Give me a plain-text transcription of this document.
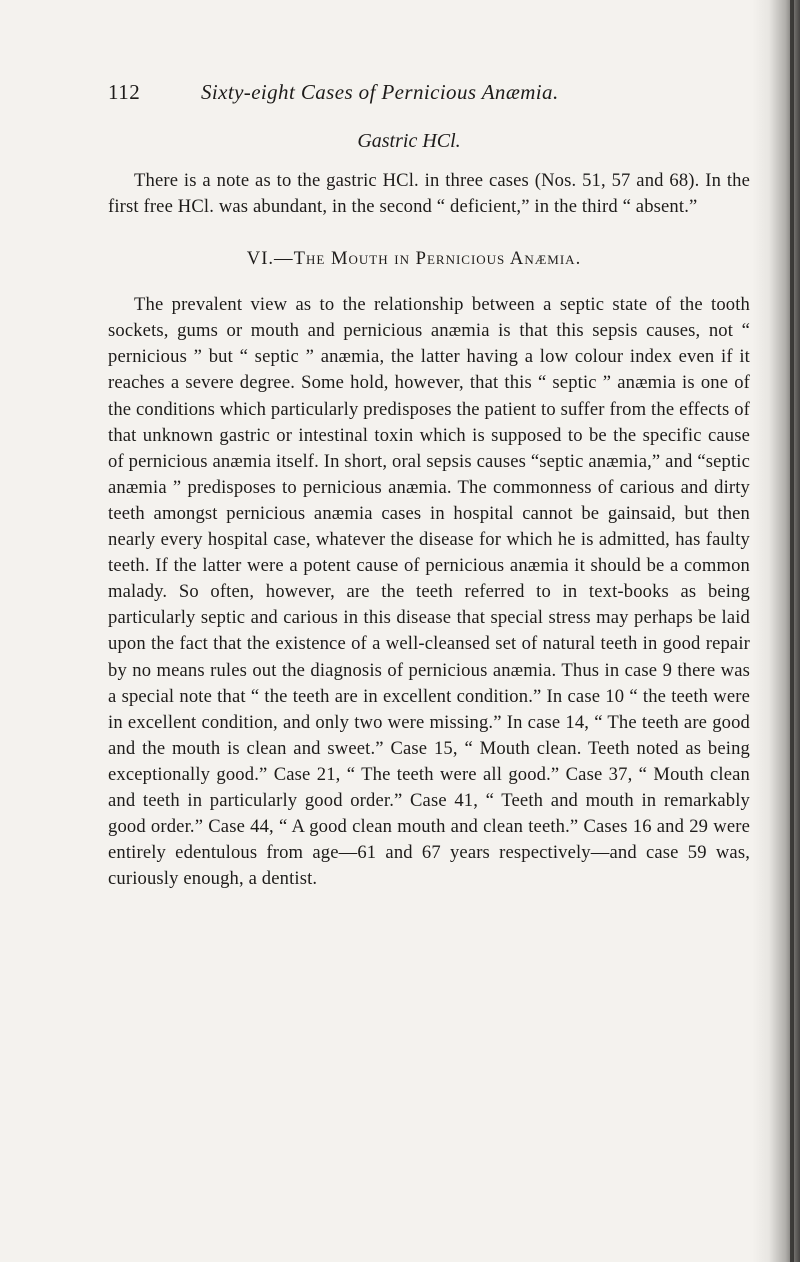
112	Sixty-eight Cases of Pernicious Anæmia.
Gastric HCl.

There is a note as to the gastric HCl. in three cases (Nos. 51, 57 and 68). In the first free HCl. was abundant, in the second “ deficient,” in the third “ absent.”

VI.—The Mouth in Pernicious Anæmia.

The prevalent view as to the relationship between a septic state of the tooth sockets, gums or mouth and pernicious anæmia is that this sepsis causes, not “ pernicious ” but “ septic ” anæmia, the latter having a low colour index even if it reaches a severe degree. Some hold, however, that this “ septic ” anæmia is one of the conditions which particularly predisposes the patient to suffer from the effects of that unknown gastric or intestinal toxin which is supposed to be the specific cause of pernicious anæmia itself. In short, oral sepsis causes “septic anæmia,” and “septic anæmia ” predisposes to pernicious anæmia. The commonness of carious and dirty teeth amongst pernicious anæmia cases in hospital cannot be gainsaid, but then nearly every hospital case, whatever the disease for which he is admitted, has faulty teeth. If the latter were a potent cause of pernicious anæmia it should be a common malady. So often, however, are the teeth referred to in text-books as being particularly septic and carious in this disease that special stress may perhaps be laid upon the fact that the existence of a well-cleansed set of natural teeth in good repair by no means rules out the diagnosis of pernicious anæmia. Thus in case 9 there was a special note that “ the teeth are in excellent condition.” In case 10 “ the teeth were in excellent condition, and only two were missing.” In case 14, “ The teeth are good and the mouth is clean and sweet.” Case 15, “ Mouth clean. Teeth noted as being exceptionally good.” Case 21, “ The teeth were all good.” Case 37, “ Mouth clean and teeth in particularly good order.” Case 41, “ Teeth and mouth in remarkably good order.” Case 44, “ A good clean mouth and clean teeth.” Cases 16 and 29 were entirely edentulous from age—61 and 67 years respectively—and case 59 was, curiously enough, a dentist.
